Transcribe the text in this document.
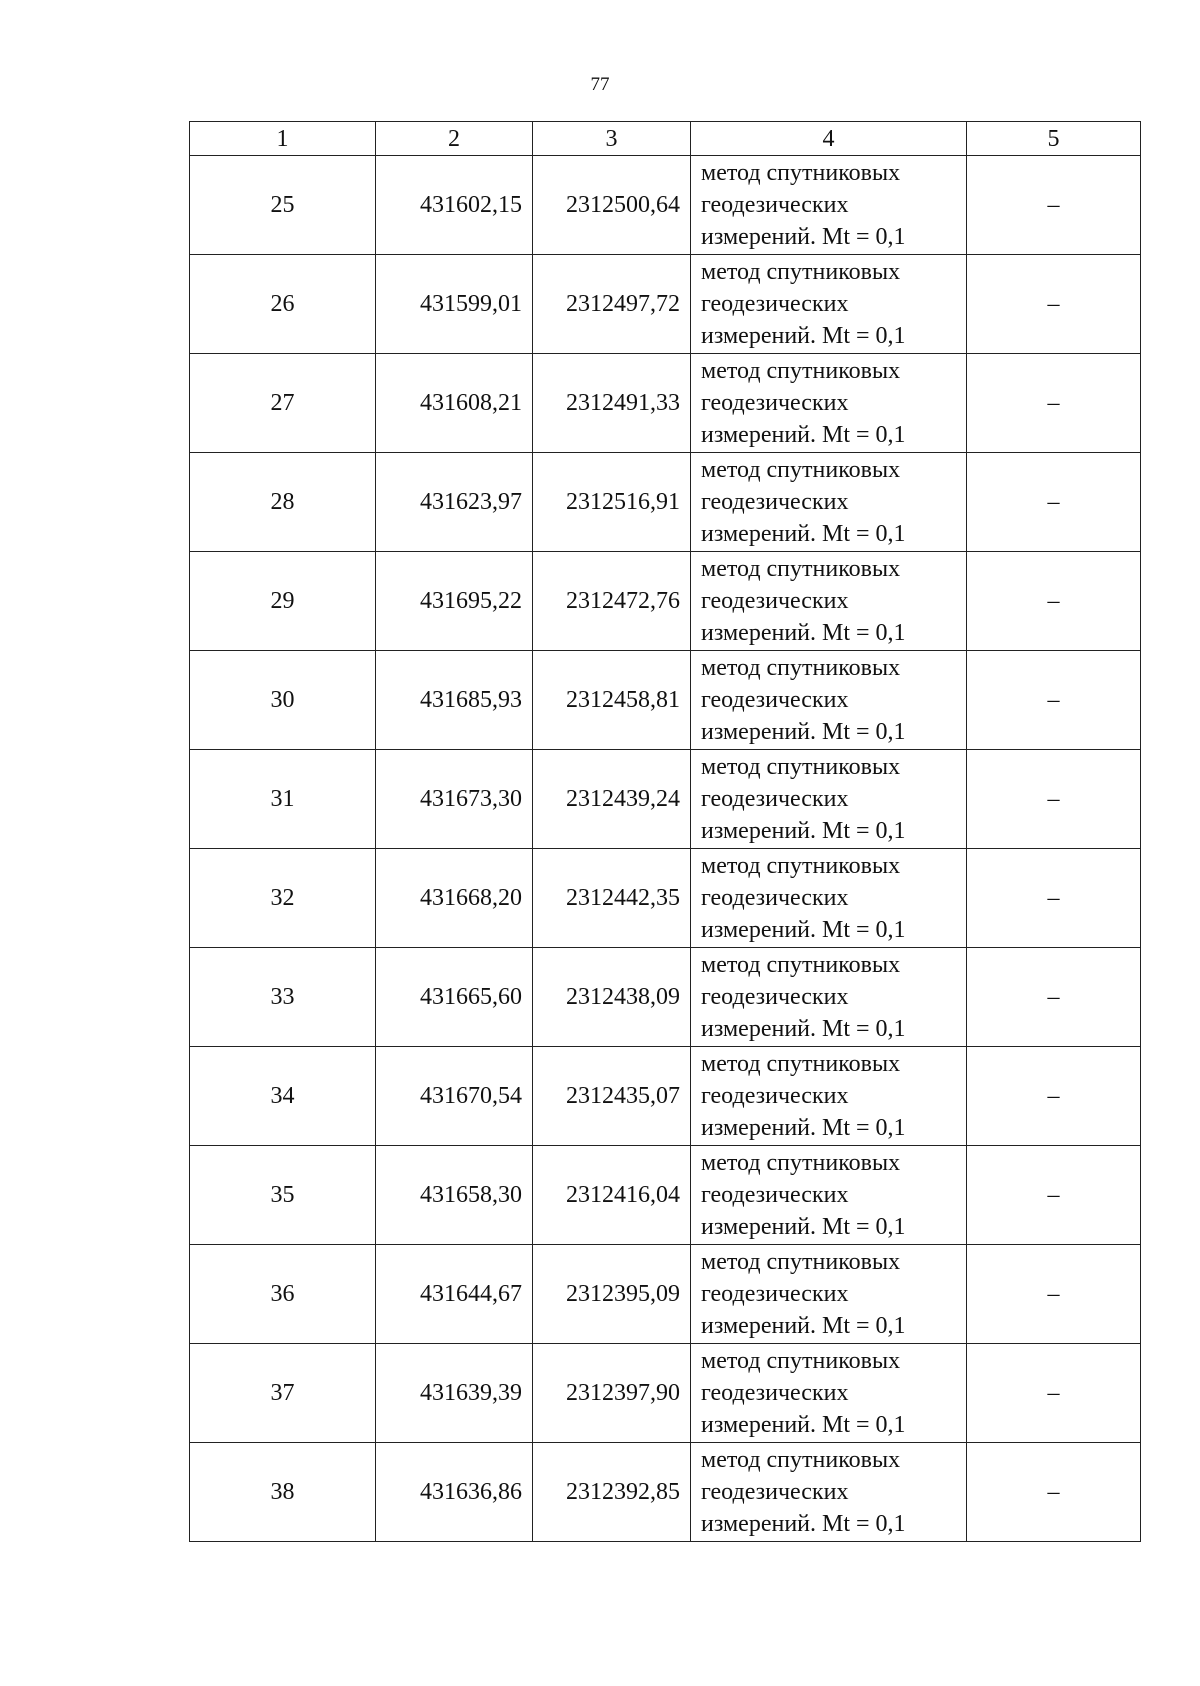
77
1	2	3	4	5
25	431602,15	2312500,64	метод спутниковых
геодезических
измерений. Mt = 0,1	–
26	431599,01	2312497,72	метод спутниковых
геодезических
измерений. Mt = 0,1	–
27	431608,21	2312491,33	метод спутниковых
геодезических
измерений. Mt = 0,1	–
28	431623,97	2312516,91	метод спутниковых
геодезических
измерений. Mt = 0,1	–
29	431695,22	2312472,76	метод спутниковых
геодезических
измерений. Mt = 0,1	–
30	431685,93	2312458,81	метод спутниковых
геодезических
измерений. Mt = 0,1	–
31	431673,30	2312439,24	метод спутниковых
геодезических
измерений. Mt = 0,1	–
32	431668,20	2312442,35	метод спутниковых
геодезических
измерений. Mt = 0,1	–
33	431665,60	2312438,09	метод спутниковых
геодезических
измерений. Mt = 0,1	–
34	431670,54	2312435,07	метод спутниковых
геодезических
измерений. Mt = 0,1	–
35	431658,30	2312416,04	метод спутниковых
геодезических
измерений. Mt = 0,1	–
36	431644,67	2312395,09	метод спутниковых
геодезических
измерений. Mt = 0,1	–
37	431639,39	2312397,90	метод спутниковых
геодезических
измерений. Mt = 0,1	–
38	431636,86	2312392,85	метод спутниковых
геодезических
измерений. Mt = 0,1	–
